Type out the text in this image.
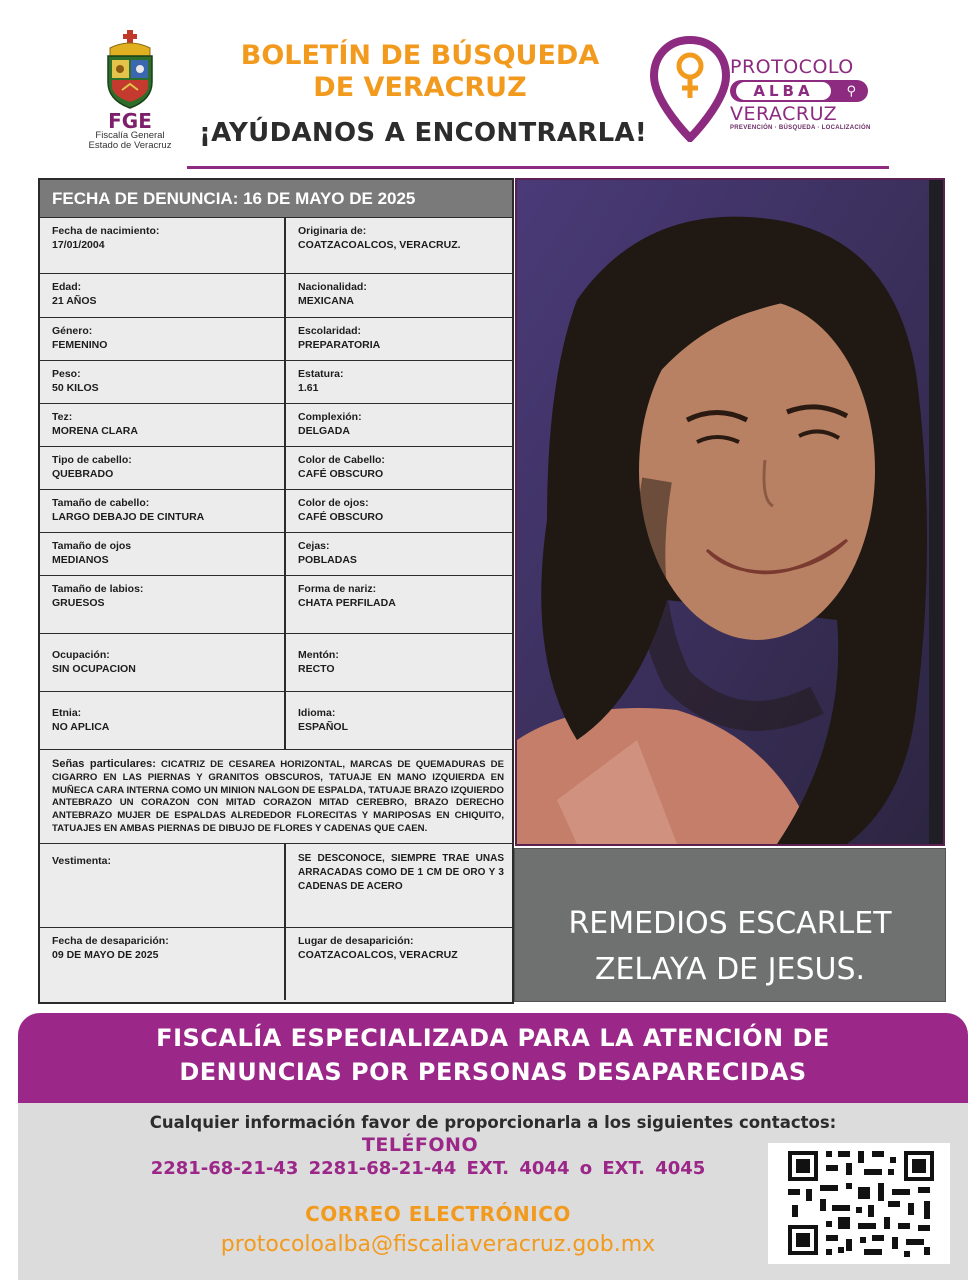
FGE
Fiscalía General
Estado de Veracruz
BOLETÍN DE BÚSQUEDA
DE VERACRUZ
¡AYÚDANOS A ENCONTRARLA!
PROTOCOLO
ALBA	⚲
VERACRUZ
PREVENCIÓN · BÚSQUEDA · LOCALIZACIÓN
FECHA DE DENUNCIA: 16 DE MAYO DE 2025
Fecha de nacimiento:
17/01/2004
Originaria de:
COATZACOALCOS, VERACRUZ.
Edad:
21 AÑOS
Nacionalidad:
MEXICANA
Género:
FEMENINO
Escolaridad:
PREPARATORIA
Peso:
50 KILOS
Estatura:
1.61
Tez:
MORENA CLARA
Complexión:
DELGADA
Tipo de cabello:
QUEBRADO
Color de Cabello:
CAFÉ OBSCURO
Tamaño de cabello:
LARGO DEBAJO DE CINTURA
Color de ojos:
CAFÉ OBSCURO
Tamaño de ojos
MEDIANOS
Cejas:
POBLADAS
Tamaño de labios:
GRUESOS
Forma de nariz:
CHATA PERFILADA
Ocupación:
SIN OCUPACION
Mentón:
RECTO
Etnia:
NO APLICA
Idioma:
ESPAÑOL
Señas particulares: CICATRIZ DE CESAREA HORIZONTAL, MARCAS DE QUEMADURAS DE CIGARRO EN LAS PIERNAS Y GRANITOS OBSCUROS, TATUAJE EN MANO IZQUIERDA EN MUÑECA CARA INTERNA COMO UN MINION NALGON DE ESPALDA, TATUAJE BRAZO IZQUIERDO ANTEBRAZO UN CORAZON CON MITAD CORAZON MITAD CEREBRO, BRAZO DERECHO ANTEBRAZO MUJER DE ESPALDAS ALREDEDOR FLORECITAS Y MARIPOSAS EN CHIQUITO, TATUAJES EN AMBAS PIERNAS DE DIBUJO DE FLORES Y CADENAS QUE CAEN.
Vestimenta:	SE DESCONOCE, SIEMPRE TRAE UNAS ARRACADAS COMO DE 1 CM DE ORO Y 3 CADENAS DE ACERO
Fecha de desaparición:
09 DE MAYO DE 2025
Lugar de desaparición:
COATZACOALCOS, VERACRUZ
REMEDIOS ESCARLET
ZELAYA DE JESUS.
FISCALÍA ESPECIALIZADA PARA LA ATENCIÓN DE
DENUNCIAS POR PERSONAS DESAPARECIDAS
Cualquier información favor de proporcionarla a los siguientes contactos:
TELÉFONO
2281-68-21-43 2281-68-21-44 EXT. 4044 o EXT. 4045
CORREO ELECTRÓNICO
protocoloalba@fiscaliaveracruz.gob.mx
